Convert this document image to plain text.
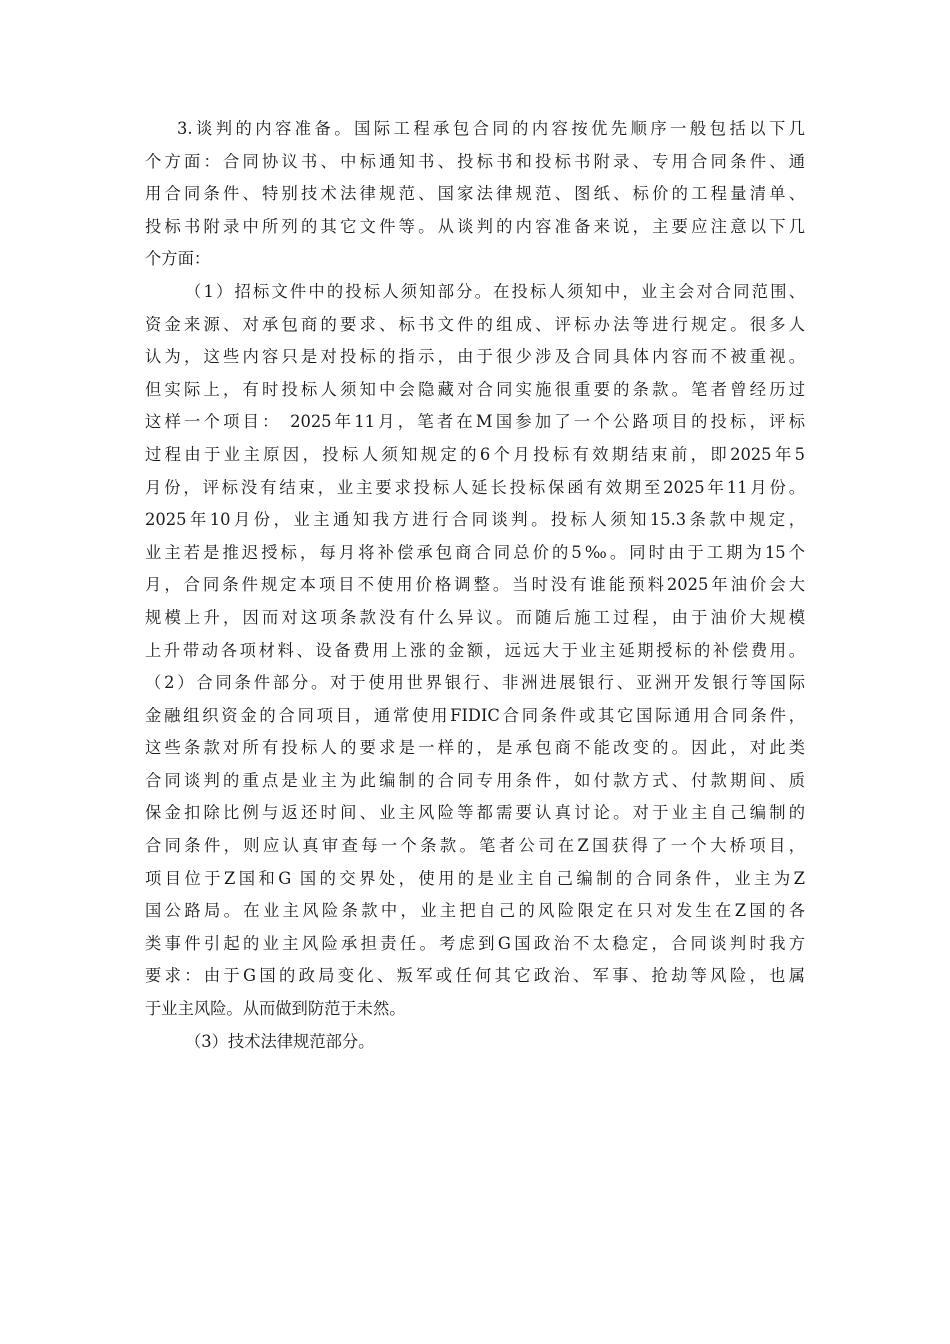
3.谈判的内容准备。国际工程承包合同的内容按优先顺序一般包括以下几
个方面：合同协议书、中标通知书、投标书和投标书附录、专用合同条件、通
用合同条件、特别技术法律规范、国家法律规范、图纸、标价的工程量清单、
投标书附录中所列的其它文件等。从谈判的内容准备来说，主要应注意以下几
个方面：
（1）招标文件中的投标人须知部分。在投标人须知中，业主会对合同范围、
资金来源、对承包商的要求、标书文件的组成、评标办法等进行规定。很多人
认为，这些内容只是对投标的指示，由于很少涉及合同具体内容而不被重视。
但实际上，有时投标人须知中会隐藏对合同实施很重要的条款。笔者曾经历过
这样一个项目： 2025年11月，笔者在M国参加了一个公路项目的投标，评标
过程由于业主原因，投标人须知规定的6个月投标有效期结束前，即2025年5
月份，评标没有结束，业主要求投标人延长投标保函有效期至2025年11月份。
2025年10月份，业主通知我方进行合同谈判。投标人须知15.3条款中规定，
业主若是推迟授标，每月将补偿承包商合同总价的5‰。同时由于工期为15个
月，合同条件规定本项目不使用价格调整。当时没有谁能预料2025年油价会大
规模上升，因而对这项条款没有什么异议。而随后施工过程，由于油价大规模
上升带动各项材料、设备费用上涨的金额，远远大于业主延期授标的补偿费用。
（2）合同条件部分。对于使用世界银行、非洲进展银行、亚洲开发银行等国际
金融组织资金的合同项目，通常使用FIDIC合同条件或其它国际通用合同条件，
这些条款对所有投标人的要求是一样的，是承包商不能改变的。因此，对此类
合同谈判的重点是业主为此编制的合同专用条件，如付款方式、付款期间、质
保金扣除比例与返还时间、业主风险等都需要认真讨论。对于业主自己编制的
合同条件，则应认真审查每一个条款。笔者公司在Z国获得了一个大桥项目，
项目位于Z国和G 国的交界处，使用的是业主自己编制的合同条件，业主为Z
国公路局。在业主风险条款中，业主把自己的风险限定在只对发生在Z国的各
类事件引起的业主风险承担责任。考虑到G国政治不太稳定，合同谈判时我方
要求：由于G国的政局变化、叛军或任何其它政治、军事、抢劫等风险，也属
于业主风险。从而做到防范于未然。
（3）技术法律规范部分。
